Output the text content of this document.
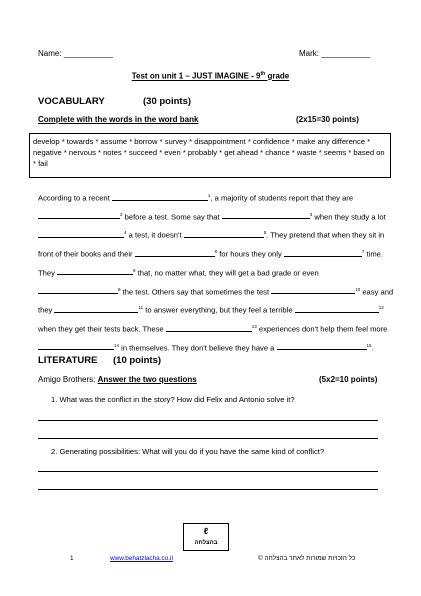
Name: ___________	Mark: ___________
Test on unit 1 – JUST IMAGINE - 9th grade
VOCABULARY	(30 points)
Complete with the words in the word bank	(2x15=30 points)
develop * towards * assume * borrow * survey * disappointment * confidence * make any difference * negative * nervous * notes * succeed * even * probably * get ahead * chance * waste * seems * based on * fail
According to a recent	$^1$, a majority of students report that they are $^2$ before a test. Some say that	$^3$ when they study a lot $^4$ a test, it doesn't	$^5$. They pretend that when they sit in front of their books and their	$^6$ for hours they only	$^7$ time. They	$^8$ that, no matter what, they will get a bad grade or even $^9$ the test. Others say that sometimes the test	$^{10}$ easy and they	$^{11}$ to answer everything, but they feel a terrible	$^{12}$ when they get their tests back. These	$^{13}$ experiences don't help them feel more $^{14}$ in themselves. They don't believe they have a	$^{15}$.
LITERATURE (10 points)
Amigo Brothers: Answer the two questions	(5x2=10 points)
1. What was the conflict in the story? How did Felix and Antonio solve it?
2. Generating possibilities: What will you do if you have the same kind of conflict?
ℓ
בהצלחה
1	www.behatzlacha.co.il	כל הזכויות שמורות לאתר בהצלחה ©
